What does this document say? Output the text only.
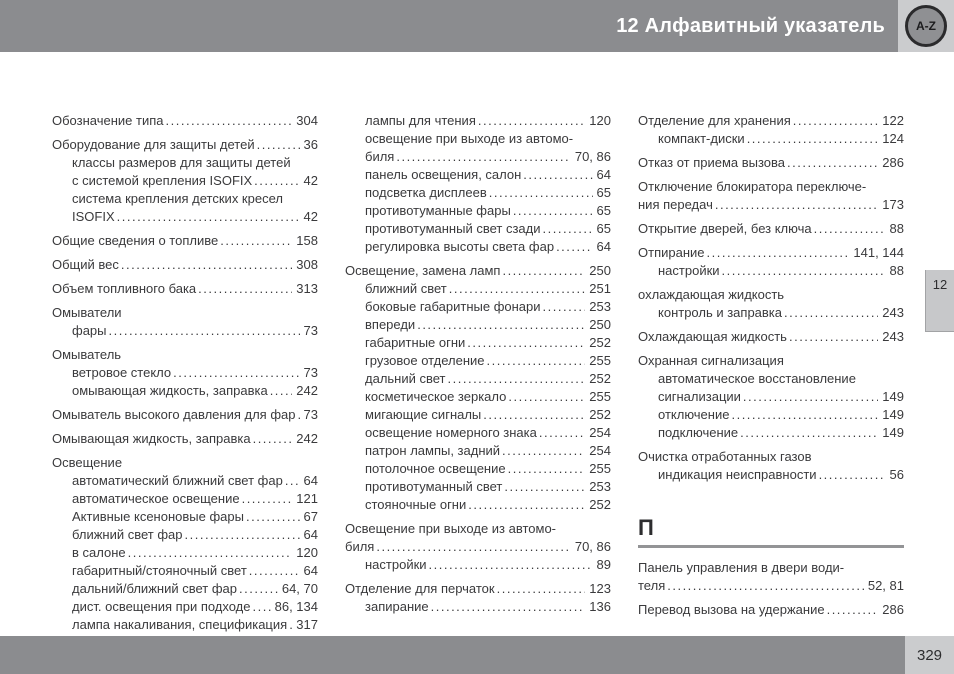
12 Алфавитный указатель	A-Z
Обозначение типа .....	304
Оборудование для защиты детей .....	36
классы размеров для защиты детей
с системой крепления ISOFIX .....	42
система крепления детских кресел
ISOFIX .....	42
Общие сведения о топливе .....	158
Общий вес .....	308
Объем топливного бака .....	313
Омыватели
фары .....	73
Омыватель
ветровое стекло .....	73
омывающая жидкость, заправка ..... 242
Омыватель высокого давления для фар ..... 73
Омывающая жидкость, заправка .....	242
Освещение
автоматический ближний свет фар ..... 64
автоматическое освещение .....	121
Активные ксеноновые фары .....	67
ближний свет фар .....	64
в салоне .....	120
габаритный/стояночный свет .....	64
дальний/ближний свет фар .....	64, 70
дист. освещения при подходе ..... 86, 134
лампа накаливания, спецификация ..... 317
лампы для чтения .....	120
освещение при выходе из автомо-
биля .....	70, 86
панель освещения, салон .....	64
подсветка дисплеев .....	65
противотуманные фары .....	65
противотуманный свет сзади .....	65
регулировка высоты света фар .....	64
Освещение, замена ламп .....	250
ближний свет .....	251
боковые габаритные фонари .....	253
впереди .....	250
габаритные огни .....	252
грузовое отделение .....	255
дальний свет .....	252
косметическое зеркало .....	255
мигающие сигналы .....	252
освещение номерного знака .....	254
патрон лампы, задний .....	254
потолочное освещение .....	255
противотуманный свет .....	253
стояночные огни .....	252
Освещение при выходе из автомо-
биля .....	70, 86
настройки .....	89
Отделение для перчаток .....	123
запирание .....	136
Отделение для хранения .....	122
компакт-диски .....	124
Отказ от приема вызова .....	286
Отключение блокиратора переключе-
ния передач .....	173
Открытие дверей, без ключа .....	88
Отпирание .....	141, 144
настройки .....	88
охлаждающая жидкость
контроль и заправка .....	243
Охлаждающая жидкость .....	243
Охранная сигнализация
автоматическое восстановление
сигнализации .....	149
отключение .....	149
подключение .....	149
Очистка отработанных газов
индикация неисправности .....	56
П
Панель управления в двери води-
теля .....	52, 81
Перевод вызова на удержание .....	286
12
329
